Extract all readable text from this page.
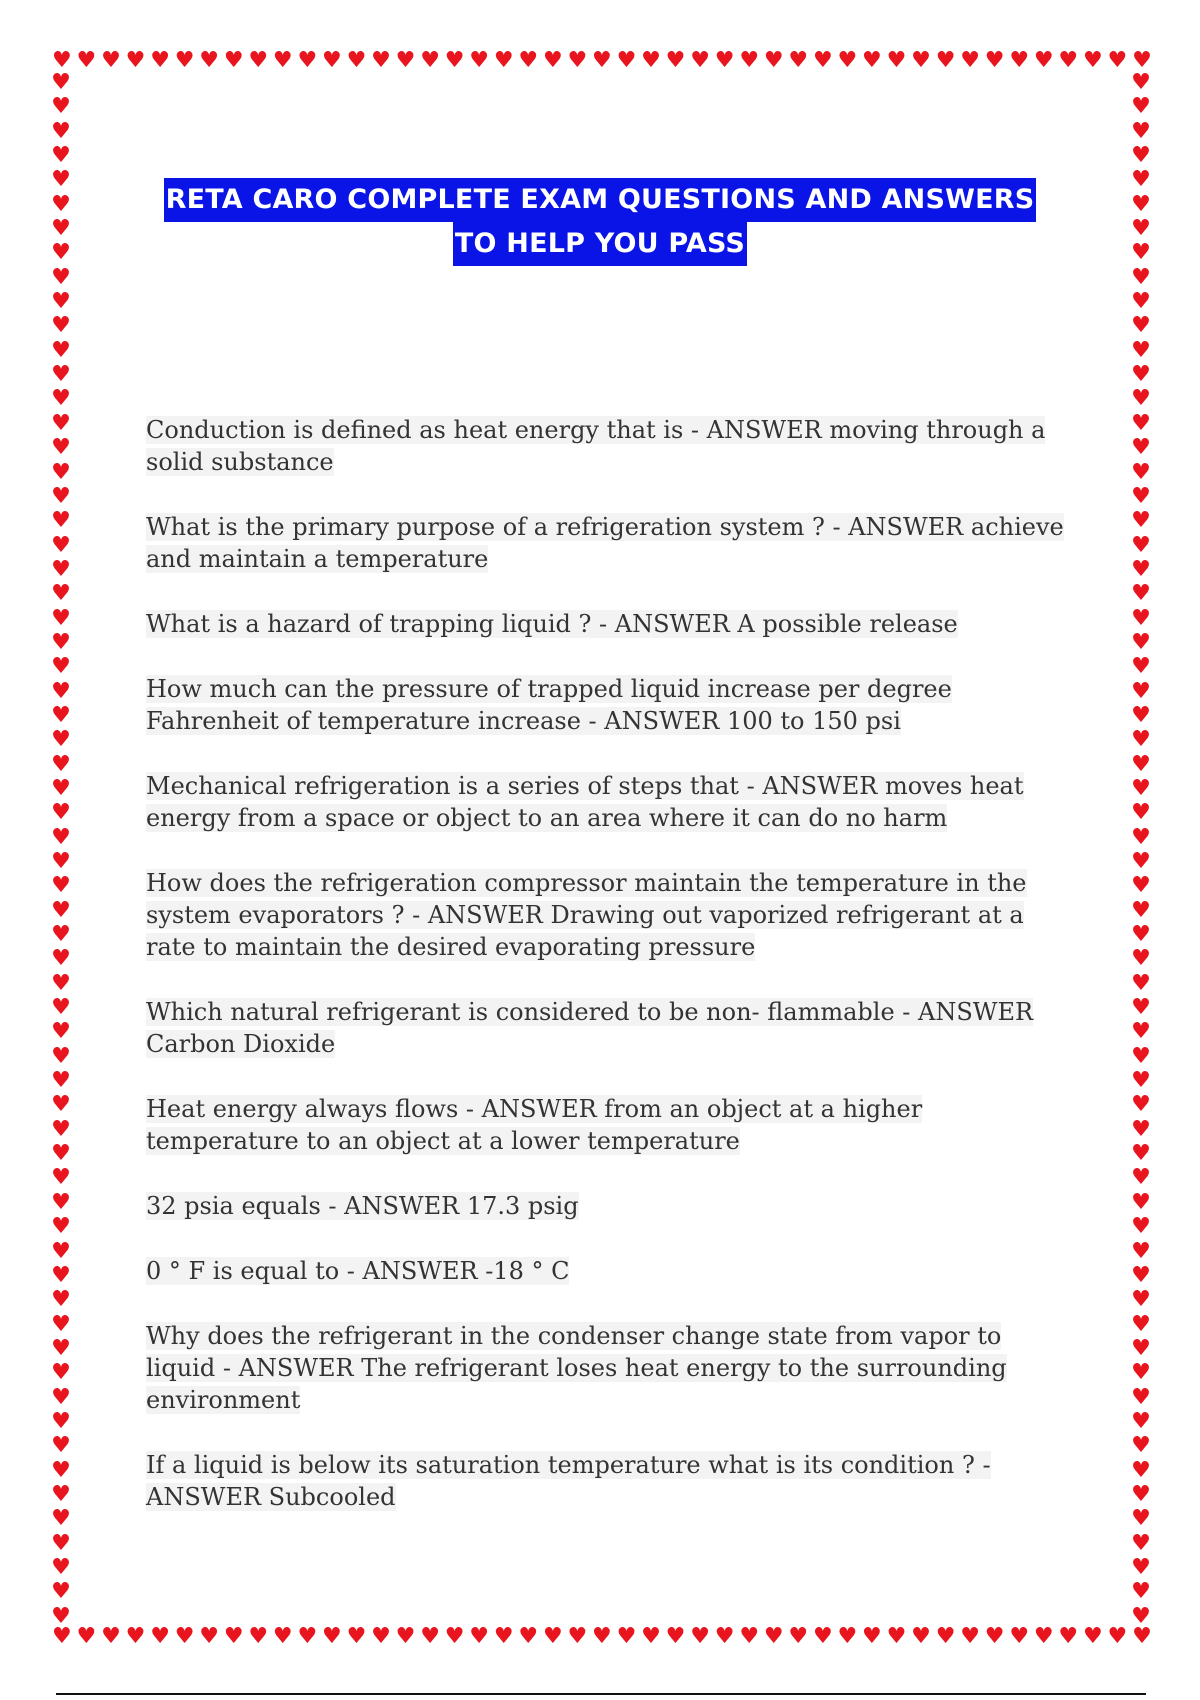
♥ ♥ ♥ ♥ ♥ ♥ ♥ ♥ ♥ ♥ ♥ ♥ ♥ ♥ ♥ ♥ ♥ ♥ ♥ ♥ ♥ ♥ ♥ ♥ ♥ ♥ ♥ ♥ ♥ ♥ ♥ ♥ ♥ ♥ ♥ ♥ ♥ ♥ ♥ ♥ ♥ ♥ ♥ ♥ ♥
♥ ♥ ♥ ♥ ♥ ♥ ♥ ♥ ♥ ♥ ♥ ♥ ♥ ♥ ♥ ♥ ♥ ♥ ♥ ♥ ♥ ♥ ♥ ♥ ♥ ♥ ♥ ♥ ♥ ♥ ♥ ♥ ♥ ♥ ♥ ♥ ♥ ♥ ♥ ♥ ♥ ♥ ♥ ♥ ♥
♥
♥
♥
♥
♥
♥
♥
♥
♥
♥
♥
♥
♥
♥
♥
♥
♥
♥
♥
♥
♥
♥
♥
♥
♥
♥
♥
♥
♥
♥
♥
♥
♥
♥
♥
♥
♥
♥
♥
♥
♥
♥
♥
♥
♥
♥
♥
♥
♥
♥
♥
♥
♥
♥
♥
♥
♥
♥
♥
♥
♥
♥
♥
♥
♥
♥
♥
♥
♥
♥
♥
♥
♥
♥
♥
♥
♥
♥
♥
♥
♥
♥
♥
♥
♥
♥
♥
♥
♥
♥
♥
♥
♥
♥
♥
♥
♥
♥
♥
♥
♥
♥
♥
♥
♥
♥
♥
♥
♥
♥
♥
♥
♥
♥
♥
♥
♥
♥
♥
♥
♥
♥
♥
♥
♥
♥
♥
♥
RETA CARO COMPLETE EXAM QUESTIONS AND ANSWERS
TO HELP YOU PASS

Conduction is defined as heat energy that is - ANSWER moving through a solid substance

What is the primary purpose of a refrigeration system ? - ANSWER achieve and maintain a temperature

What is a hazard of trapping liquid ? - ANSWER A possible release

How much can the pressure of trapped liquid increase per degree Fahrenheit of temperature increase - ANSWER 100 to 150 psi

Mechanical refrigeration is a series of steps that - ANSWER moves heat energy from a space or object to an area where it can do no harm

How does the refrigeration compressor maintain the temperature in the system evaporators ? - ANSWER Drawing out vaporized refrigerant at a rate to maintain the desired evaporating pressure

Which natural refrigerant is considered to be non- flammable - ANSWER Carbon Dioxide

Heat energy always flows - ANSWER from an object at a higher temperature to an object at a lower temperature

32 psia equals - ANSWER 17.3 psig

0 ° F is equal to - ANSWER -18 ° C

Why does the refrigerant in the condenser change state from vapor to liquid - ANSWER The refrigerant loses heat energy to the surrounding environment

If a liquid is below its saturation temperature what is its condition ? - ANSWER Subcooled
